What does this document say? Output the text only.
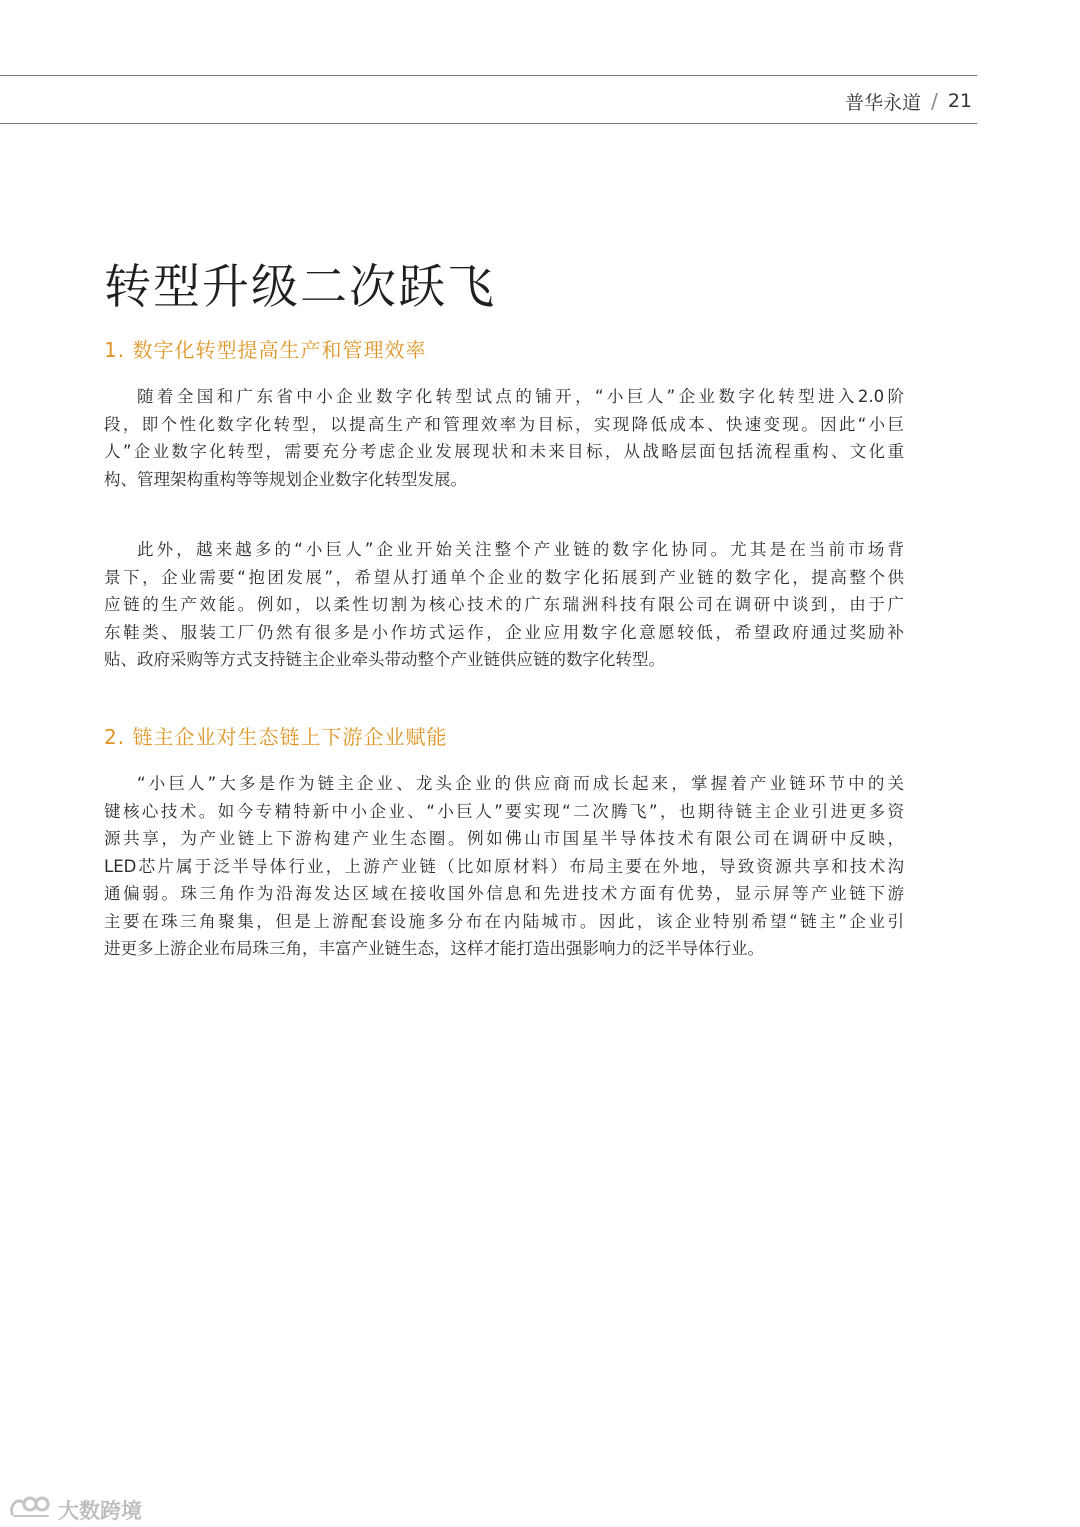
普华永道 / 21
转型升级二次跃飞
1. 数字化转型提高生产和管理效率

随着全国和广东省中小企业数字化转型试点的铺开，“小巨人”企业数字化转型进入2.0阶
段，即个性化数字化转型，以提高生产和管理效率为目标，实现降低成本、快速变现。因此“小巨
人”企业数字化转型，需要充分考虑企业发展现状和未来目标，从战略层面包括流程重构、文化重
构、管理架构重构等等规划企业数字化转型发展。

此外，越来越多的“小巨人”企业开始关注整个产业链的数字化协同。尤其是在当前市场背
景下，企业需要“抱团发展”，希望从打通单个企业的数字化拓展到产业链的数字化，提高整个供
应链的生产效能。例如，以柔性切割为核心技术的广东瑞洲科技有限公司在调研中谈到，由于广
东鞋类、服装工厂仍然有很多是小作坊式运作，企业应用数字化意愿较低，希望政府通过奖励补
贴、政府采购等方式支持链主企业牵头带动整个产业链供应链的数字化转型。

2. 链主企业对生态链上下游企业赋能

“小巨人”大多是作为链主企业、龙头企业的供应商而成长起来，掌握着产业链环节中的关
键核心技术。如今专精特新中小企业、“小巨人”要实现“二次腾飞”，也期待链主企业引进更多资
源共享，为产业链上下游构建产业生态圈。例如佛山市国星半导体技术有限公司在调研中反映，
LED芯片属于泛半导体行业，上游产业链（比如原材料）布局主要在外地，导致资源共享和技术沟
通偏弱。珠三角作为沿海发达区域在接收国外信息和先进技术方面有优势，显示屏等产业链下游
主要在珠三角聚集，但是上游配套设施多分布在内陆城市。因此，该企业特别希望“链主”企业引
进更多上游企业布局珠三角，丰富产业链生态，这样才能打造出强影响力的泛半导体行业。

大数跨境
